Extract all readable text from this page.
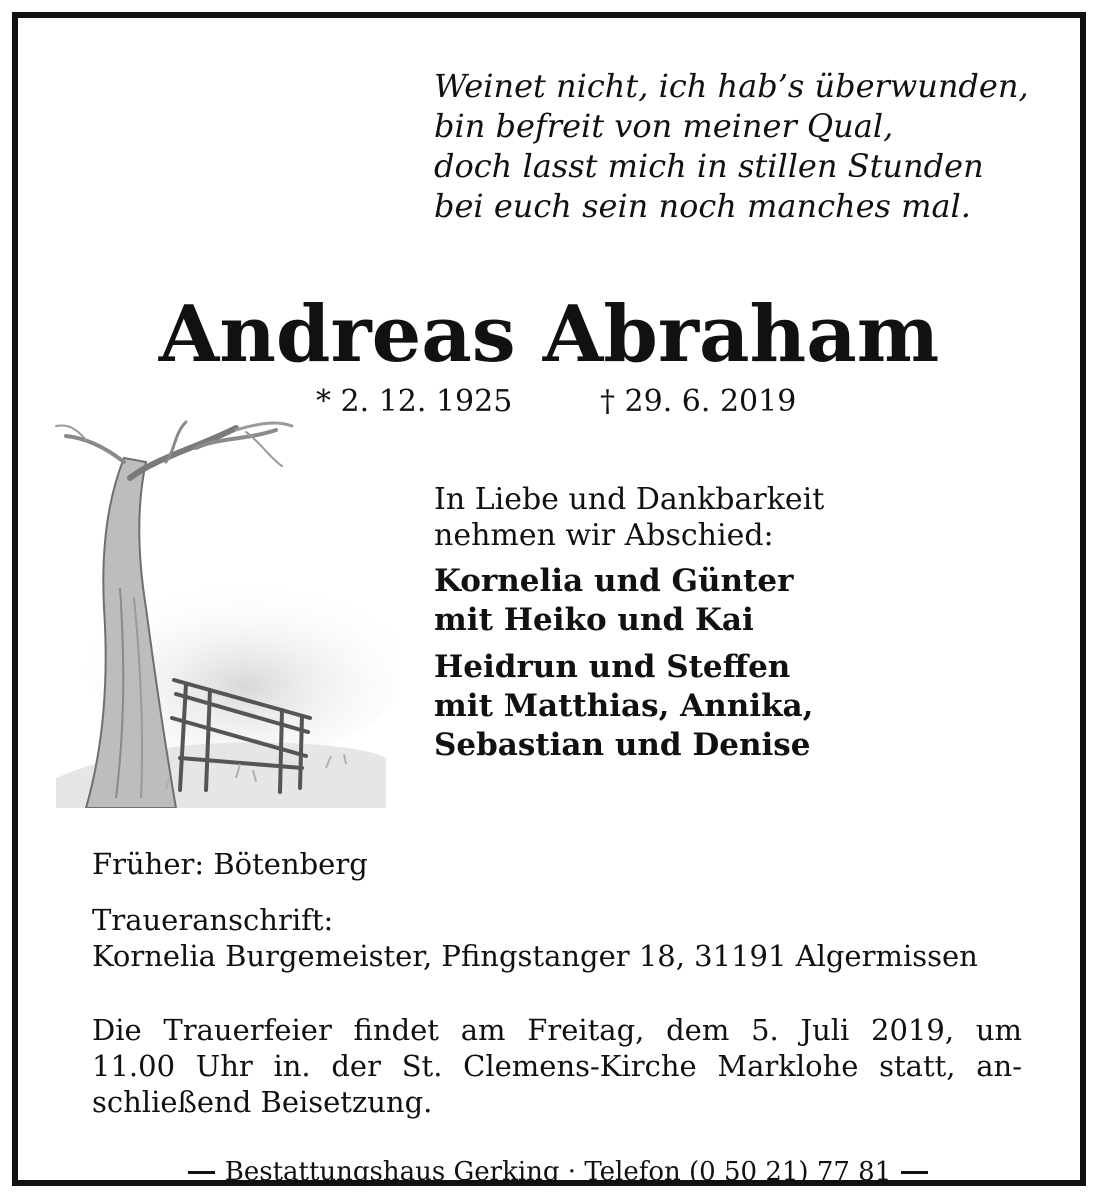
Weinet nicht, ich hab’s überwunden,
bin befreit von meiner Qual,
doch lasst mich in stillen Stunden
bei euch sein noch manches mal.
Andreas Abraham
* 2. 12. 1925	† 29. 6. 2019
In Liebe und Dankbarkeit
nehmen wir Abschied:
Kornelia und Günter
mit Heiko und Kai
Heidrun und Steffen
mit Matthias, Annika,
Sebastian und Denise
Früher: Bötenberg
Traueranschrift:
Kornelia Burgemeister, Pfingstanger 18, 31191 Algermissen
Die Trauerfeier findet am Freitag, dem 5. Juli 2019, um
11.00 Uhr in. der St. Clemens-Kirche Marklohe statt, an-
schließend Beisetzung.
Bestattungshaus Gerking · Telefon (0 50 21) 77 81
